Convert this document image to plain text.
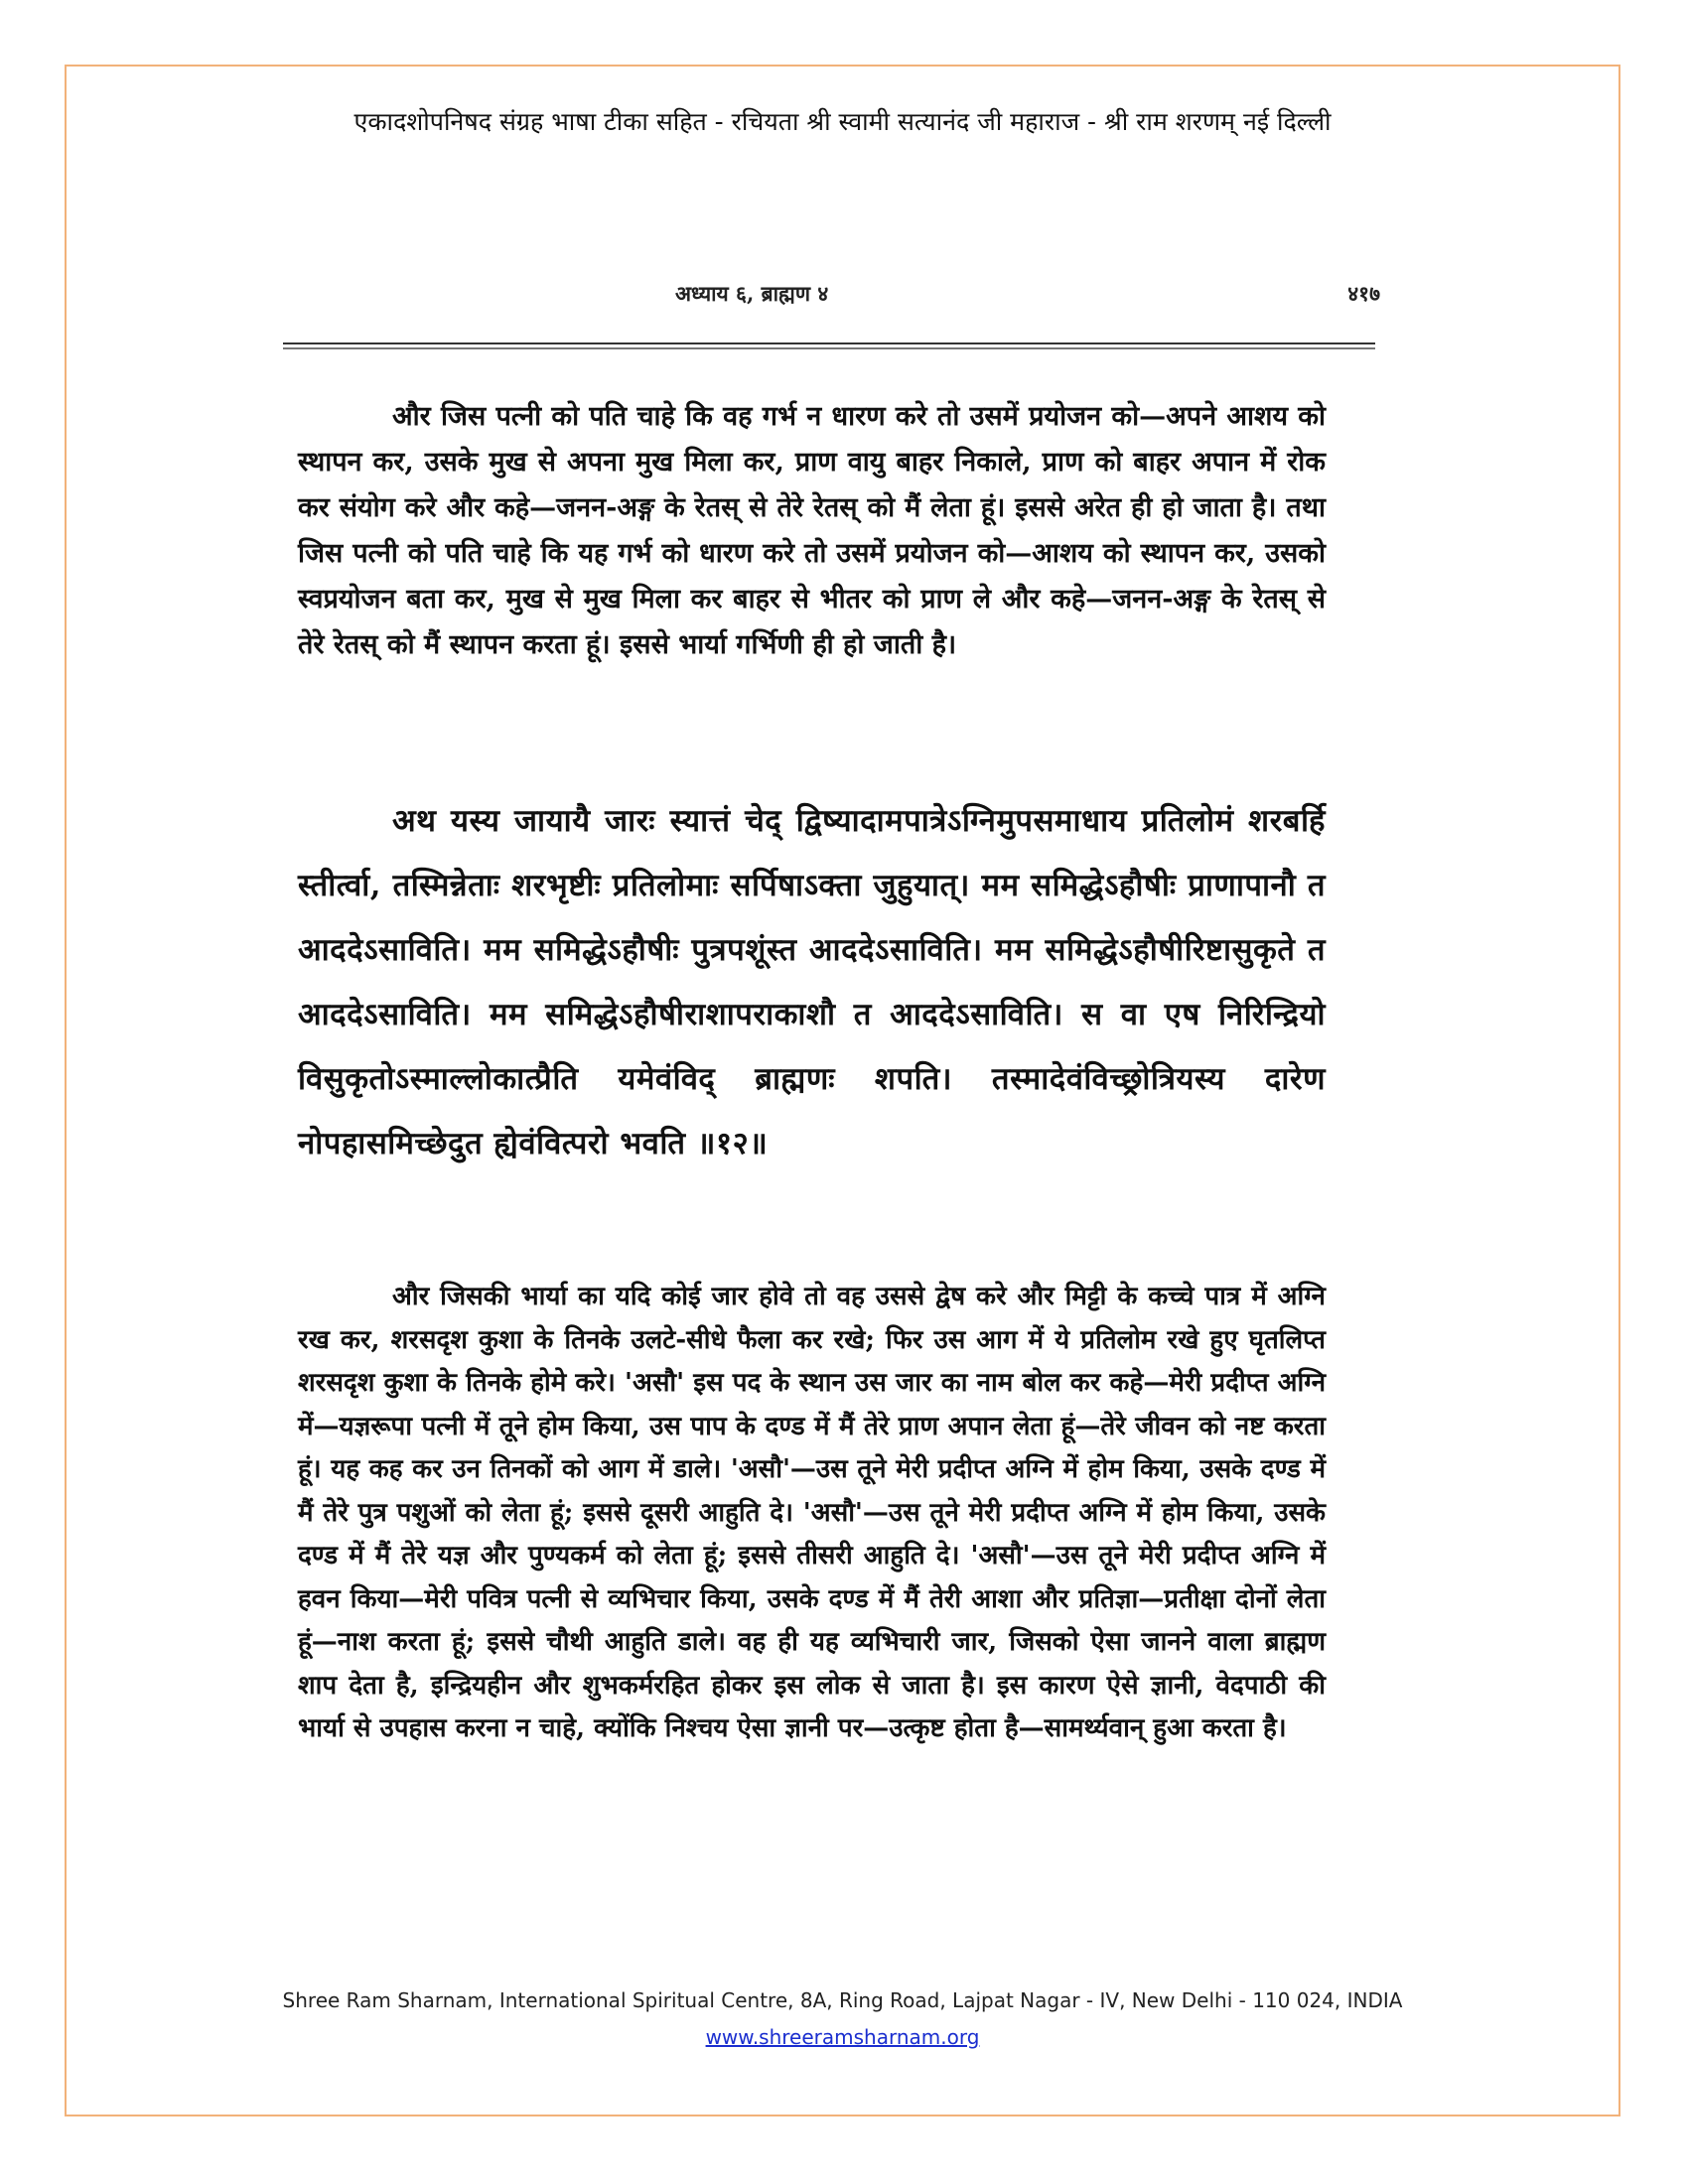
एकादशोपनिषद संग्रह भाषा टीका सहित - रचियता श्री स्वामी सत्यानंद जी महाराज - श्री राम शरणम् नई दिल्ली
अध्याय ६, ब्राह्मण ४	४१७

और जिस पत्नी को पति चाहे कि वह गर्भ न धारण करे तो उसमें प्रयोजन को—अपने आशय को स्थापन कर, उसके मुख से अपना मुख मिला कर, प्राण वायु बाहर निकाले, प्राण को बाहर अपान में रोक कर संयोग करे और कहे—जनन-अङ्ग के रेतस् से तेरे रेतस् को मैं लेता हूं। इससे अरेत ही हो जाता है। तथा जिस पत्नी को पति चाहे कि यह गर्भ को धारण करे तो उसमें प्रयोजन को—आशय को स्थापन कर, उसको स्वप्रयोजन बता कर, मुख से मुख मिला कर बाहर से भीतर को प्राण ले और कहे—जनन-अङ्ग के रेतस् से तेरे रेतस् को मैं स्थापन करता हूं। इससे भार्या गर्भिणी ही हो जाती है।

अथ यस्य जायायै जारः स्यात्तं चेद् द्विष्यादामपात्रेऽग्निमुपसमाधाय प्रतिलोमं शरबर्हि स्तीर्त्वा, तस्मिन्नेताः शरभृष्टीः प्रतिलोमाः सर्पिषाऽक्ता जुहुयात्। मम समिद्धेऽहौषीः प्राणापानौ त आददेऽसाविति। मम समिद्धेऽहौषीः पुत्रपशूंस्त आददेऽसाविति। मम समिद्धेऽहौषीरिष्टासुकृते त आददेऽसाविति। मम समिद्धेऽहौषीराशापराकाशौ त आददेऽसाविति। स वा एष निरिन्द्रियो विसुकृतोऽस्माल्लोकात्प्रैति यमेवंविद् ब्राह्मणः शपति। तस्मादेवंविच्छ्रोत्रियस्य दारेण नोपहासमिच्छेदुत ह्येवंवित्परो भवति ॥१२॥

और जिसकी भार्या का यदि कोई जार होवे तो वह उससे द्वेष करे और मिट्टी के कच्चे पात्र में अग्नि रख कर, शरसदृश कुशा के तिनके उलटे-सीधे फैला कर रखे; फिर उस आग में ये प्रतिलोम रखे हुए घृतलिप्त शरसदृश कुशा के तिनके होमे करे। 'असौ' इस पद के स्थान उस जार का नाम बोल कर कहे—मेरी प्रदीप्त अग्नि में—यज्ञरूपा पत्नी में तूने होम किया, उस पाप के दण्ड में मैं तेरे प्राण अपान लेता हूं—तेरे जीवन को नष्ट करता हूं। यह कह कर उन तिनकों को आग में डाले। 'असौ'—उस तूने मेरी प्रदीप्त अग्नि में होम किया, उसके दण्ड में मैं तेरे पुत्र पशुओं को लेता हूं; इससे दूसरी आहुति दे। 'असौ'—उस तूने मेरी प्रदीप्त अग्नि में होम किया, उसके दण्ड में मैं तेरे यज्ञ और पुण्यकर्म को लेता हूं; इससे तीसरी आहुति दे। 'असौ'—उस तूने मेरी प्रदीप्त अग्नि में हवन किया—मेरी पवित्र पत्नी से व्यभिचार किया, उसके दण्ड में मैं तेरी आशा और प्रतिज्ञा—प्रतीक्षा दोनों लेता हूं—नाश करता हूं; इससे चौथी आहुति डाले। वह ही यह व्यभिचारी जार, जिसको ऐसा जानने वाला ब्राह्मण शाप देता है, इन्द्रियहीन और शुभकर्मरहित होकर इस लोक से जाता है। इस कारण ऐसे ज्ञानी, वेदपाठी की भार्या से उपहास करना न चाहे, क्योंकि निश्चय ऐसा ज्ञानी पर—उत्कृष्ट होता है—सामर्थ्यवान् हुआ करता है।

Shree Ram Sharnam, International Spiritual Centre, 8A, Ring Road, Lajpat Nagar - IV, New Delhi - 110 024, INDIA
www.shreeramsharnam.org
